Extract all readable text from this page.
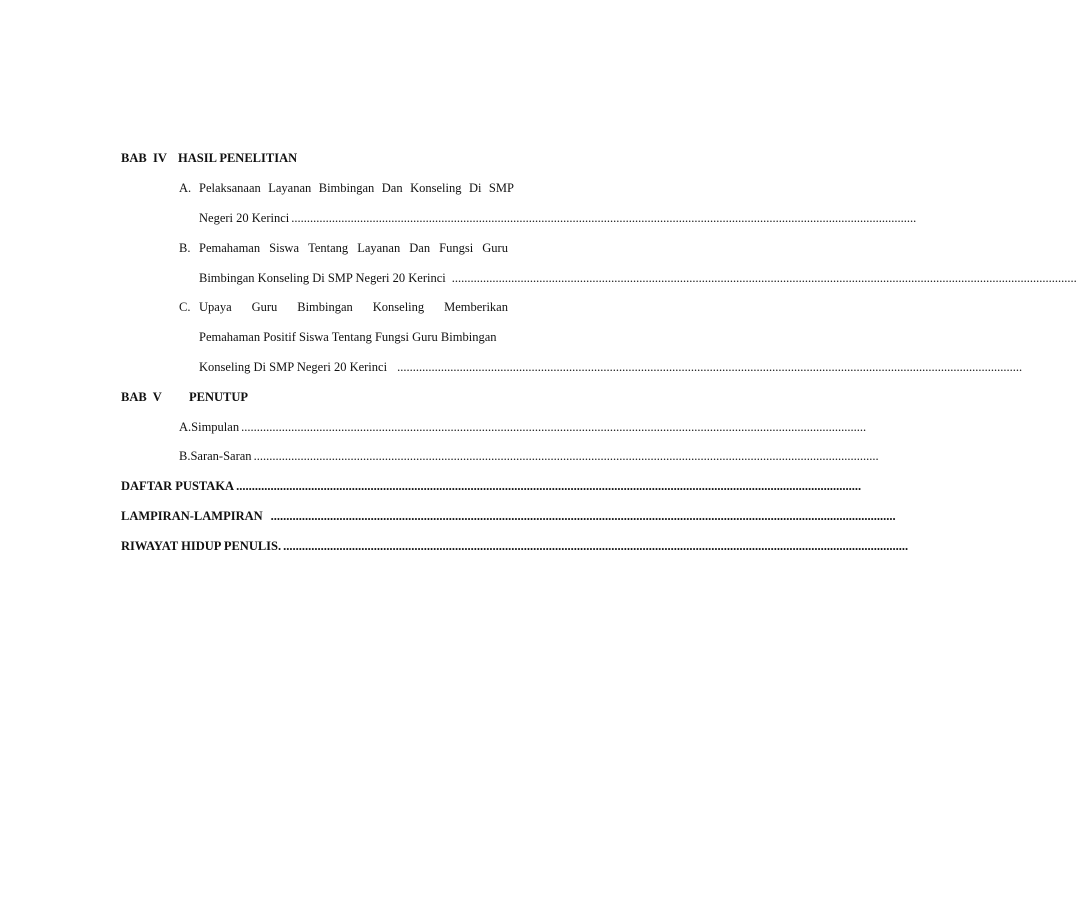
BAB  IV HASIL PENELITIAN
A. Pelaksanaan Layanan Bimbingan Dan Konseling Di SMP
Negeri 20 Kerinci ........................................................................................................................................................................................................
B. Pemahaman Siswa Tentang Layanan Dan Fungsi Guru
Bimbingan Konseling Di SMP Negeri 20 Kerinci ........................................................................................................................................................................................................
C. Upaya Guru Bimbingan Konseling Memberikan
Pemahaman Positif Siswa Tentang Fungsi Guru Bimbingan
Konseling Di SMP Negeri 20 Kerinci ........................................................................................................................................................................................................
BAB  V	PENUTUP
A. Simpulan ........................................................................................................................................................................................................
B. Saran-Saran ........................................................................................................................................................................................................
DAFTAR PUSTAKA ........................................................................................................................................................................................................
LAMPIRAN-LAMPIRAN ........................................................................................................................................................................................................
RIWAYAT HIDUP PENULIS. ........................................................................................................................................................................................................
